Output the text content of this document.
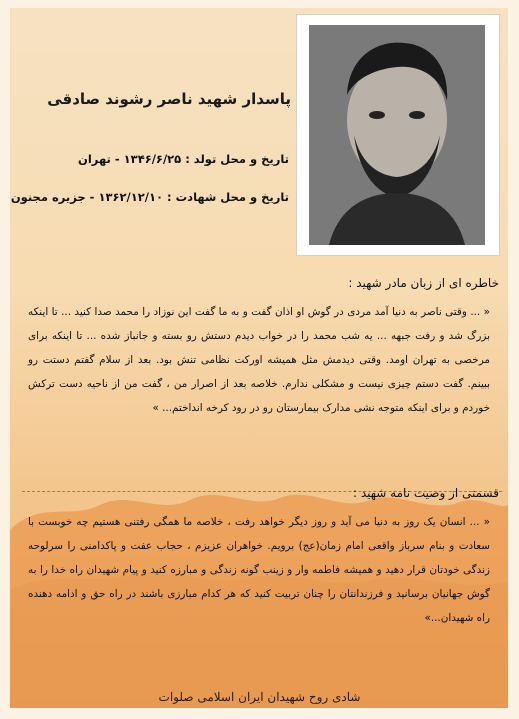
پاسدار شهید ناصر رشوند صادقی
تاریخ و محل تولد : ۱۳۴۶/۶/۲۵ - تهران
تاریخ و محل شهادت : ۱۳۶۲/۱۲/۱۰ - جزیره مجنون
خاطره ای از زبان مادر شهید :
« ... وقتی ناصر به دنیا آمد مردی در گوش او اذان گفت و به ما گفت این نوزاد را محمد صدا کنید ... تا اینکه بزرگ شد و رفت جبهه ... یه شب محمد را در خواب دیدم دستش رو بسته و جانباز شده ... تا اینکه برای مرخصی به تهران اومد. وقتی دیدمش مثل همیشه اورکت نظامی تنش بود. بعد از سلام گفتم دستت رو ببینم. گفت دستم چیزی نیست و مشکلی ندارم. خلاصه بعد از اصرار من ، گفت من از ناحیه دست ترکش خوردم و برای اینکه متوجه نشی مدارک بیمارستان رو در رود کرخه انداختم... »
قسمتی از وصیت نامه شهید :
« ... انسان یک روز به دنیا می آید و روز دیگر خواهد رفت ، خلاصه ما همگی رفتنی هستیم چه خوبست با سعادت و بنام سرباز واقعی امام زمان(عج) برویم. خواهران عزیزم ، حجاب عفت و پاکدامنی را سرلوحه زندگی خودتان قرار دهید و همیشه فاطمه وار و زینب گونه زندگی و مبارزه کنید و پیام شهیدان راه خدا را به گوش جهانیان برسانید و فرزندانتان را چنان تربیت کنید که هر کدام مبارزی باشند در راه حق و ادامه دهنده راه شهیدان...»
شادی روح شهیدان ایران اسلامی صلوات
